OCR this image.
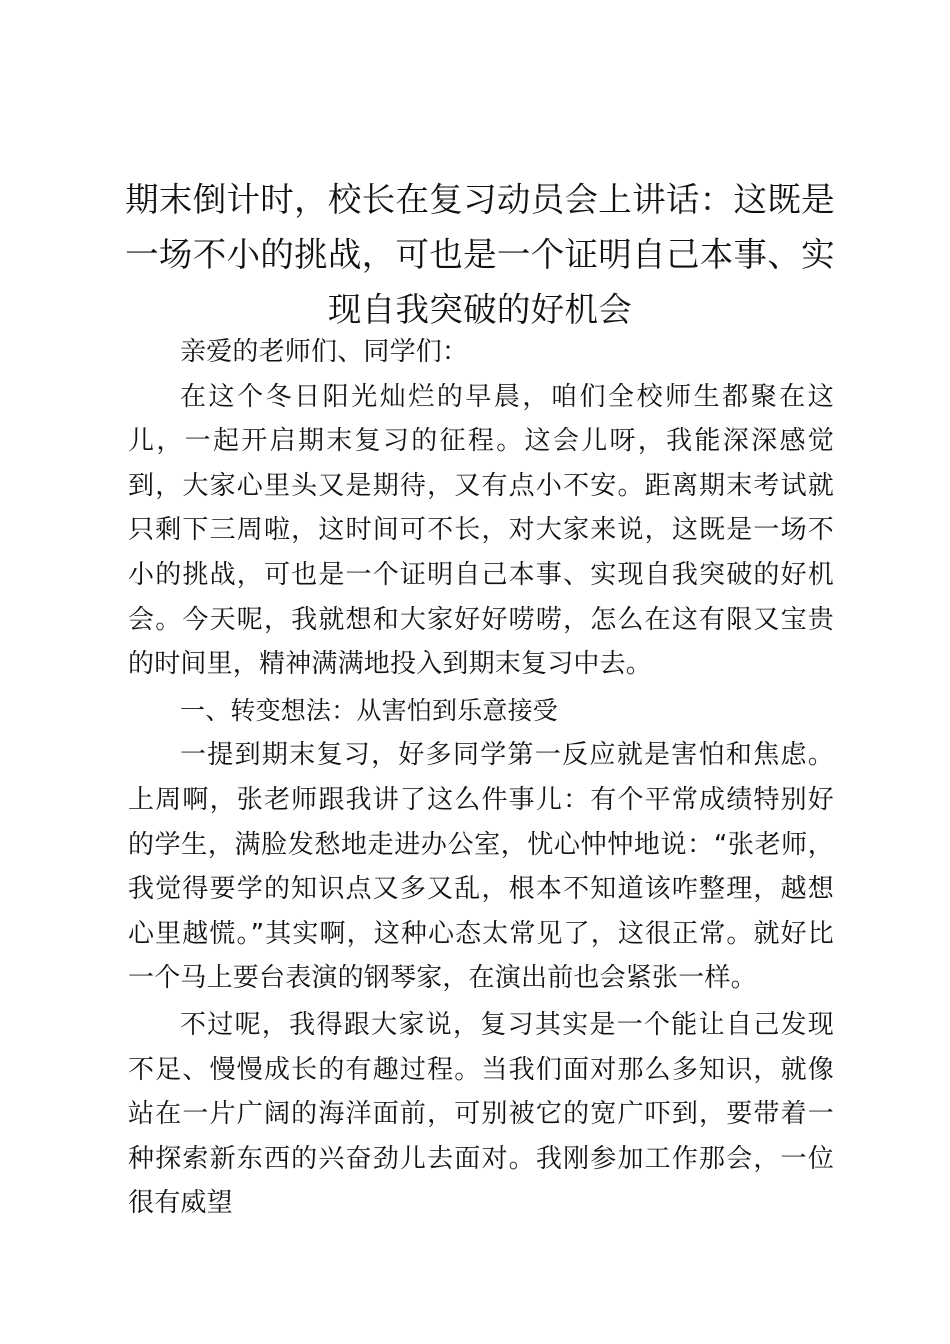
期末倒计时，校长在复习动员会上讲话：这既是一场不小的挑战，可也是一个证明自己本事、实现自我突破的好机会

亲爱的老师们、同学们：

在这个冬日阳光灿烂的早晨，咱们全校师生都聚在这儿，一起开启期末复习的征程。这会儿呀，我能深深感觉到，大家心里头又是期待，又有点小不安。距离期末考试就只剩下三周啦，这时间可不长，对大家来说，这既是一场不小的挑战，可也是一个证明自己本事、实现自我突破的好机会。今天呢，我就想和大家好好唠唠，怎么在这有限又宝贵的时间里，精神满满地投入到期末复习中去。

一、转变想法：从害怕到乐意接受

一提到期末复习，好多同学第一反应就是害怕和焦虑。上周啊，张老师跟我讲了这么件事儿：有个平常成绩特别好的学生，满脸发愁地走进办公室，忧心忡忡地说：“张老师，我觉得要学的知识点又多又乱，根本不知道该咋整理，越想心里越慌。”其实啊，这种心态太常见了，这很正常。就好比一个马上要台表演的钢琴家，在演出前也会紧张一样。

不过呢，我得跟大家说，复习其实是一个能让自己发现不足、慢慢成长的有趣过程。当我们面对那么多知识，就像站在一片广阔的海洋面前，可别被它的宽广吓到，要带着一种探索新东西的兴奋劲儿去面对。我刚参加工作那会，一位很有威望
